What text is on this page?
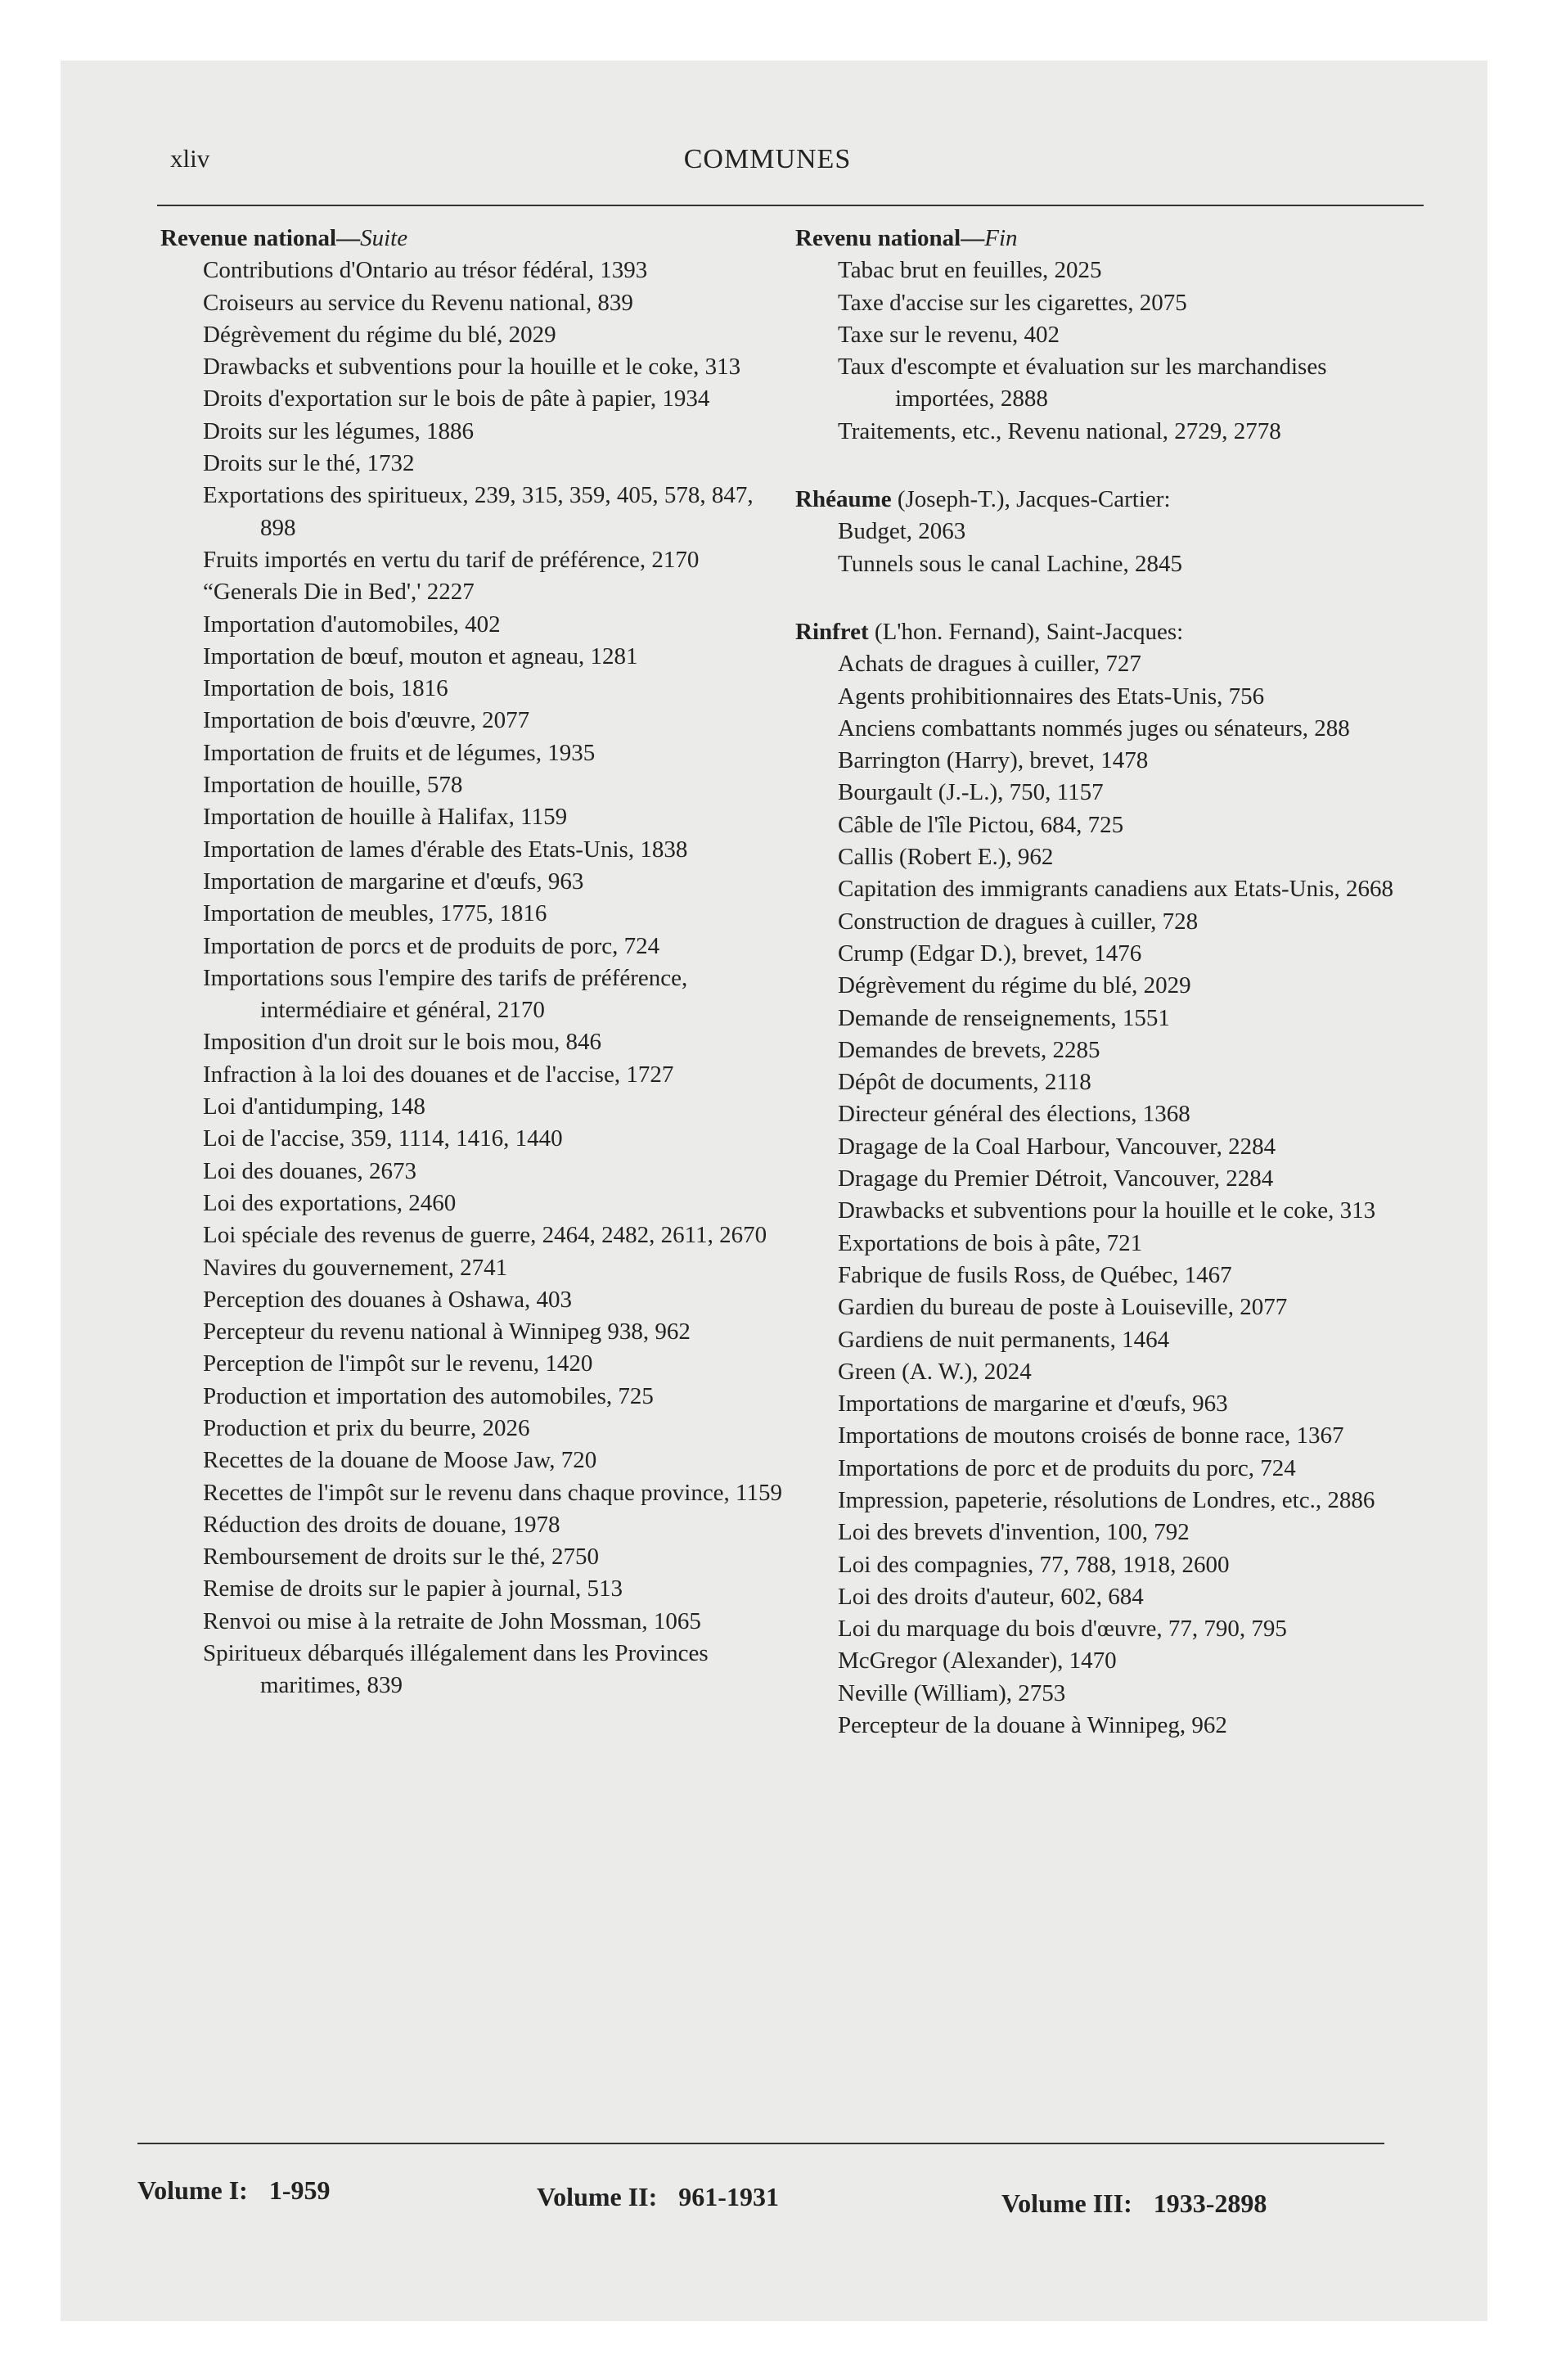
xliv	COMMUNES
Revenue national—Suite
Contributions d'Ontario au trésor fédéral, 1393
Croiseurs au service du Revenu national, 839
Dégrèvement du régime du blé, 2029
Drawbacks et subventions pour la houille et le coke, 313
Droits d'exportation sur le bois de pâte à papier, 1934
Droits sur les légumes, 1886
Droits sur le thé, 1732
Exportations des spiritueux, 239, 315, 359, 405, 578, 847, 898
Fruits importés en vertu du tarif de préférence, 2170
“Generals Die in Bed',' 2227
Importation d'automobiles, 402
Importation de bœuf, mouton et agneau, 1281
Importation de bois, 1816
Importation de bois d'œuvre, 2077
Importation de fruits et de légumes, 1935
Importation de houille, 578
Importation de houille à Halifax, 1159
Importation de lames d'érable des Etats-Unis, 1838
Importation de margarine et d'œufs, 963
Importation de meubles, 1775, 1816
Importation de porcs et de produits de porc, 724
Importations sous l'empire des tarifs de préférence, intermédiaire et général, 2170
Imposition d'un droit sur le bois mou, 846
Infraction à la loi des douanes et de l'accise, 1727
Loi d'antidumping, 148
Loi de l'accise, 359, 1114, 1416, 1440
Loi des douanes, 2673
Loi des exportations, 2460
Loi spéciale des revenus de guerre, 2464, 2482, 2611, 2670
Navires du gouvernement, 2741
Perception des douanes à Oshawa, 403
Percepteur du revenu national à Winnipeg 938, 962
Perception de l'impôt sur le revenu, 1420
Production et importation des automobiles, 725
Production et prix du beurre, 2026
Recettes de la douane de Moose Jaw, 720
Recettes de l'impôt sur le revenu dans chaque province, 1159
Réduction des droits de douane, 1978
Remboursement de droits sur le thé, 2750
Remise de droits sur le papier à journal, 513
Renvoi ou mise à la retraite de John Mossman, 1065
Spiritueux débarqués illégalement dans les Provinces maritimes, 839
Revenu national—Fin
Tabac brut en feuilles, 2025
Taxe d'accise sur les cigarettes, 2075
Taxe sur le revenu, 402
Taux d'escompte et évaluation sur les marchandises importées, 2888
Traitements, etc., Revenu national, 2729, 2778
Rhéaume (Joseph-T.), Jacques-Cartier:
Budget, 2063
Tunnels sous le canal Lachine, 2845
Rinfret (L'hon. Fernand), Saint-Jacques:
Achats de dragues à cuiller, 727
Agents prohibitionnaires des Etats-Unis, 756
Anciens combattants nommés juges ou sénateurs, 288
Barrington (Harry), brevet, 1478
Bourgault (J.-L.), 750, 1157
Câble de l'île Pictou, 684, 725
Callis (Robert E.), 962
Capitation des immigrants canadiens aux Etats-Unis, 2668
Construction de dragues à cuiller, 728
Crump (Edgar D.), brevet, 1476
Dégrèvement du régime du blé, 2029
Demande de renseignements, 1551
Demandes de brevets, 2285
Dépôt de documents, 2118
Directeur général des élections, 1368
Dragage de la Coal Harbour, Vancouver, 2284
Dragage du Premier Détroit, Vancouver, 2284
Drawbacks et subventions pour la houille et le coke, 313
Exportations de bois à pâte, 721
Fabrique de fusils Ross, de Québec, 1467
Gardien du bureau de poste à Louiseville, 2077
Gardiens de nuit permanents, 1464
Green (A. W.), 2024
Importations de margarine et d'œufs, 963
Importations de moutons croisés de bonne race, 1367
Importations de porc et de produits du porc, 724
Impression, papeterie, résolutions de Londres, etc., 2886
Loi des brevets d'invention, 100, 792
Loi des compagnies, 77, 788, 1918, 2600
Loi des droits d'auteur, 602, 684
Loi du marquage du bois d'œuvre, 77, 790, 795
McGregor (Alexander), 1470
Neville (William), 2753
Percepteur de la douane à Winnipeg, 962
Volume I: 1-959	Volume II: 961-1931	Volume III: 1933-2898
